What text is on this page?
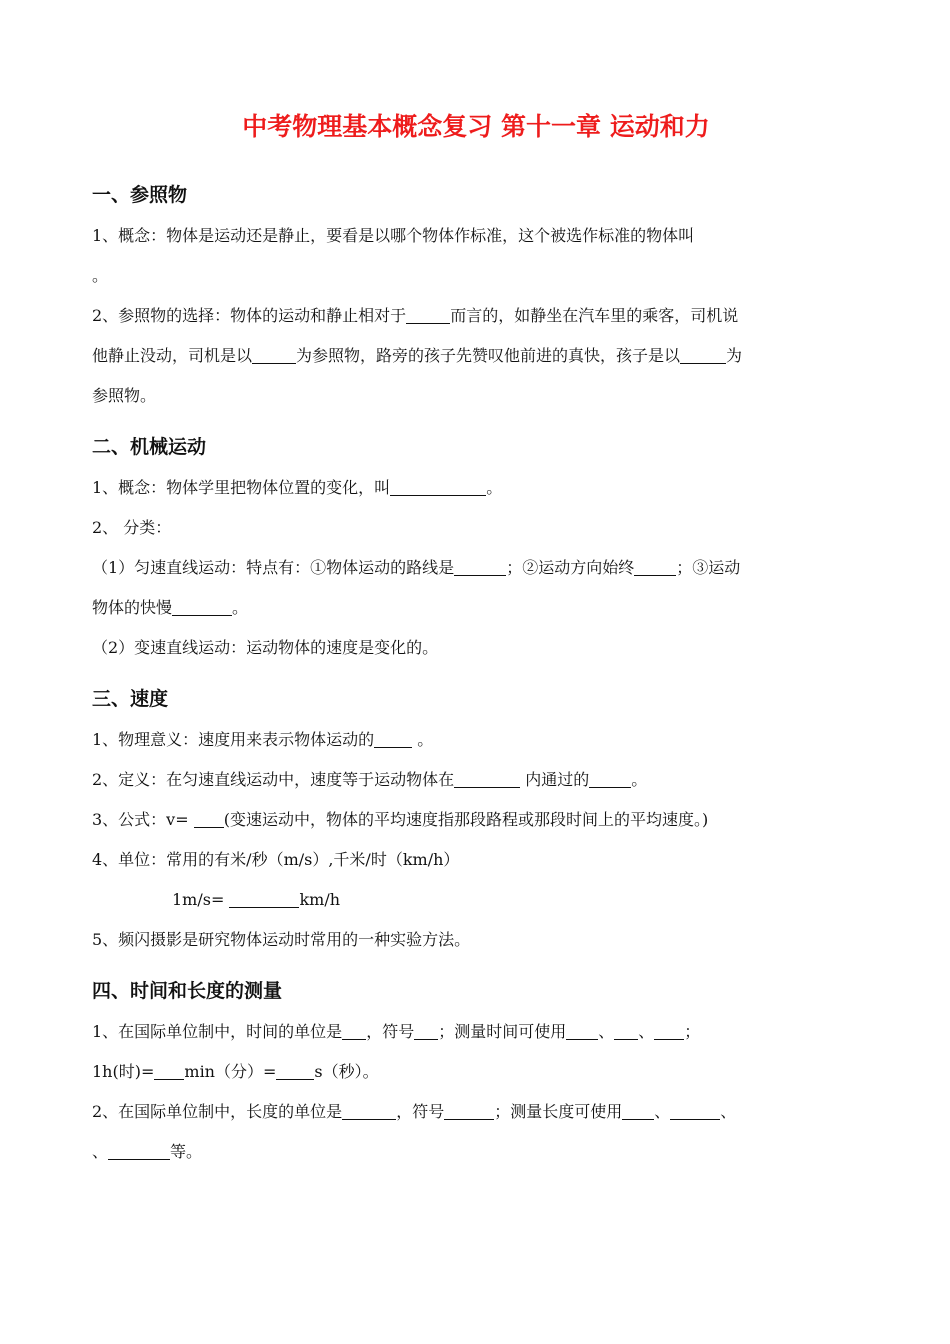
中考物理基本概念复习 第十一章 运动和力
一、参照物
1、概念：物体是运动还是静止，要看是以哪个物体作标准，这个被选作标准的物体叫
。
2、参照物的选择：物体的运动和静止相对于	而言的，如静坐在汽车里的乘客，司机说
他静止没动，司机是以	为参照物，路旁的孩子先赞叹他前进的真快，孩子是以	为
参照物。
二、机械运动
1、概念：物体学里把物体位置的变化，叫	。
2、 分类：
（1）匀速直线运动：特点有：①物体运动的路线是	；②运动方向始终	；③运动
物体的快慢	。
（2）变速直线运动：运动物体的速度是变化的。
三、速度
1、物理意义：速度用来表示物体运动的 。
2、定义：在匀速直线运动中，速度等于运动物体在	内通过的	。
3、公式：v= (变速运动中，物体的平均速度指那段路程或那段时间上的平均速度。)
4、单位：常用的有米/秒（m/s）,千米/时（km/h）
1m/s=	km/h
5、频闪摄影是研究物体运动时常用的一种实验方法。
四、时间和长度的测量
1、在国际单位制中，时间的单位是 ，符号 ；测量时间可使用 、 、 ；
1h(时)= min（分）= s（秒）。
2、在国际单位制中，长度的单位是	，符号	；测量长度可使用 、	、
、	等。
